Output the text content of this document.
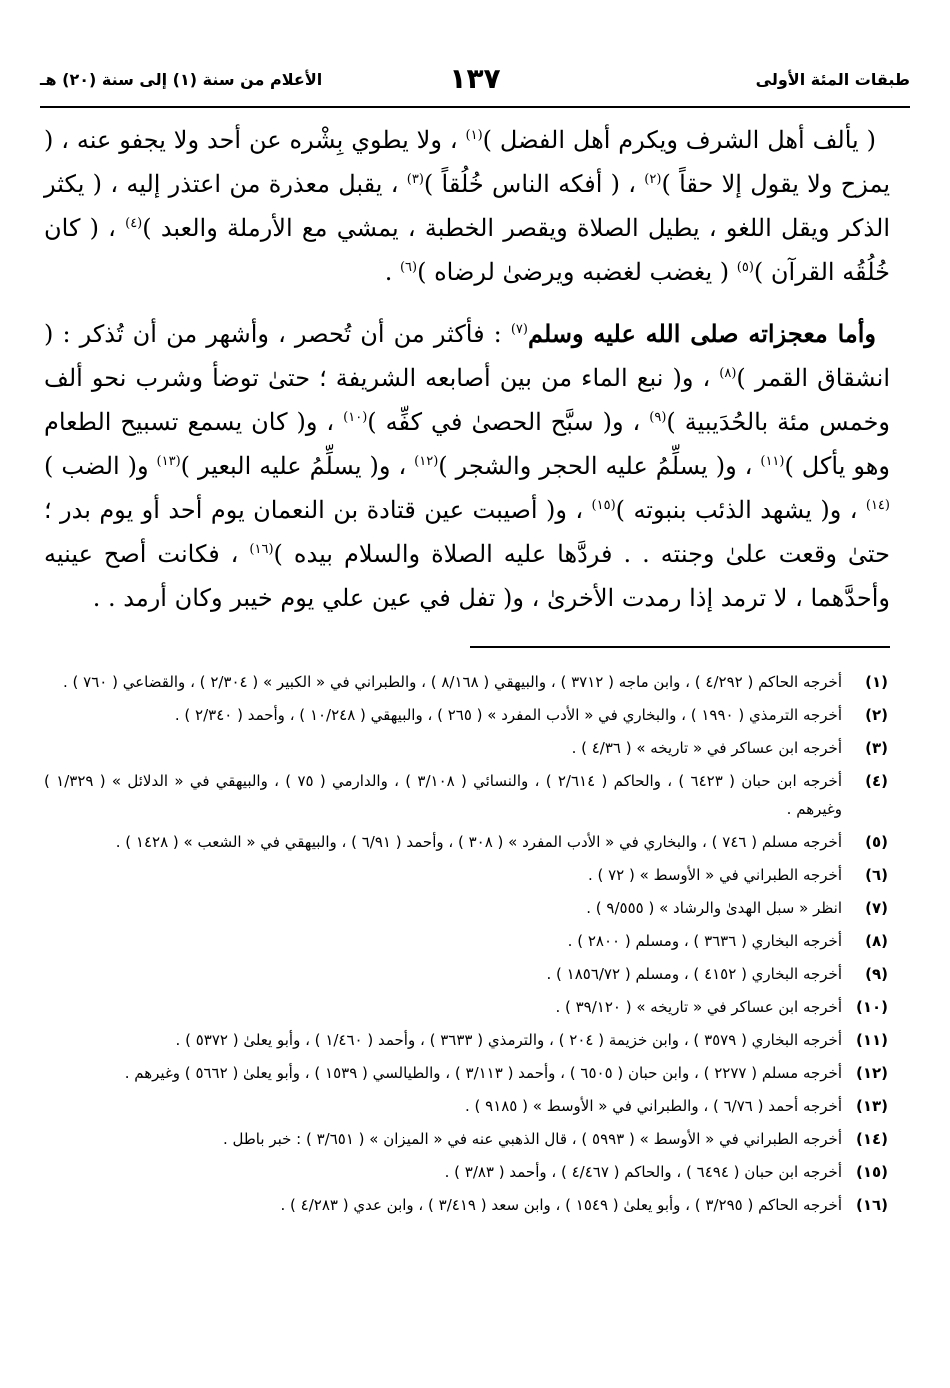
طبقات المئة الأولى
١٣٧
الأعلام من سنة (١) إلى سنة (٢٠) هـ

( يألف أهل الشرف ويكرم أهل الفضل )$^{(١)}$ ، ولا يطوي بِشْره عن أحد ولا يجفو عنه ، ( يمزح ولا يقول إلا حقاً )$^{(٢)}$ ، ( أفكه الناس خُلُقاً )$^{(٣)}$ ، يقبل معذرة من اعتذر إليه ، ( يكثر الذكر ويقل اللغو ، يطيل الصلاة ويقصر الخطبة ، يمشي مع الأرملة والعبد )$^{(٤)}$ ، ( كان خُلُقُه القرآن )$^{(٥)}$ ( يغضب لغضبه ويرضىٰ لرضاه )$^{(٦)}$ .

وأما معجزاته صلى الله عليه وسلم$^{(٧)}$ : فأكثر من أن تُحصر ، وأشهر من أن تُذكر : ( انشقاق القمر )$^{(٨)}$ ، و( نبع الماء من بين أصابعه الشريفة ؛ حتىٰ توضأ وشرب نحو ألف وخمس مئة بالحُدَيبية )$^{(٩)}$ ، و( سبَّح الحصىٰ في كفِّه )$^{(١٠)}$ ، و( كان يسمع تسبيح الطعام وهو يأكل )$^{(١١)}$ ، و( يسلِّمُ عليه الحجر والشجر )$^{(١٢)}$ ، و( يسلِّمُ عليه البعير )$^{(١٣)}$ و( الضب )$^{(١٤)}$ ، و( يشهد الذئب بنبوته )$^{(١٥)}$ ، و( أصيبت عين قتادة بن النعمان يوم أحد أو يوم بدر ؛ حتىٰ وقعت علىٰ وجنته . . فردَّها عليه الصلاة والسلام بيده )$^{(١٦)}$ ، فكانت أصح عينيه وأحدَّهما ، لا ترمد إذا رمدت الأخرىٰ ، و( تفل في عين علي يوم خيبر وكان أرمد . .

(١)
أخرجه الحاكم ( ٤/٢٩٢ ) ، وابن ماجه ( ٣٧١٢ ) ، والبيهقي ( ٨/١٦٨ ) ، والطبراني في « الكبير » ( ٢/٣٠٤ ) ، والقضاعي ( ٧٦٠ ) .
(٢)
أخرجه الترمذي ( ١٩٩٠ ) ، والبخاري في « الأدب المفرد » ( ٢٦٥ ) ، والبيهقي ( ١٠/٢٤٨ ) ، وأحمد ( ٢/٣٤٠ ) .
(٣)
أخرجه ابن عساكر في « تاريخه » ( ٤/٣٦ ) .
(٤)
أخرجه ابن حبان ( ٦٤٢٣ ) ، والحاكم ( ٢/٦١٤ ) ، والنسائي ( ٣/١٠٨ ) ، والدارمي ( ٧٥ ) ، والبيهقي في « الدلائل » ( ١/٣٢٩ ) وغيرهم .
(٥)
أخرجه مسلم ( ٧٤٦ ) ، والبخاري في « الأدب المفرد » ( ٣٠٨ ) ، وأحمد ( ٦/٩١ ) ، والبيهقي في « الشعب » ( ١٤٢٨ ) .
(٦)
أخرجه الطبراني في « الأوسط » ( ٧٢ ) .
(٧)
انظر « سبل الهدىٰ والرشاد » ( ٩/٥٥٥ ) .
(٨)
أخرجه البخاري ( ٣٦٣٦ ) ، ومسلم ( ٢٨٠٠ ) .
(٩)
أخرجه البخاري ( ٤١٥٢ ) ، ومسلم ( ١٨٥٦/٧٢ ) .
(١٠)
أخرجه ابن عساكر في « تاريخه » ( ٣٩/١٢٠ ) .
(١١)
أخرجه البخاري ( ٣٥٧٩ ) ، وابن خزيمة ( ٢٠٤ ) ، والترمذي ( ٣٦٣٣ ) ، وأحمد ( ١/٤٦٠ ) ، وأبو يعلىٰ ( ٥٣٧٢ ) .
(١٢)
أخرجه مسلم ( ٢٢٧٧ ) ، وابن حبان ( ٦٥٠٥ ) ، وأحمد ( ٣/١١٣ ) ، والطيالسي ( ١٥٣٩ ) ، وأبو يعلىٰ ( ٥٦٦٢ ) وغيرهم .
(١٣)
أخرجه أحمد ( ٦/٧٦ ) ، والطبراني في « الأوسط » ( ٩١٨٥ ) .
(١٤)
أخرجه الطبراني في « الأوسط » ( ٥٩٩٣ ) ، قال الذهبي عنه في « الميزان » ( ٣/٦٥١ ) : خبر باطل .
(١٥)
أخرجه ابن حبان ( ٦٤٩٤ ) ، والحاكم ( ٤/٤٦٧ ) ، وأحمد ( ٣/٨٣ ) .
(١٦)
أخرجه الحاكم ( ٣/٢٩٥ ) ، وأبو يعلىٰ ( ١٥٤٩ ) ، وابن سعد ( ٣/٤١٩ ) ، وابن عدي ( ٤/٢٨٣ ) .
